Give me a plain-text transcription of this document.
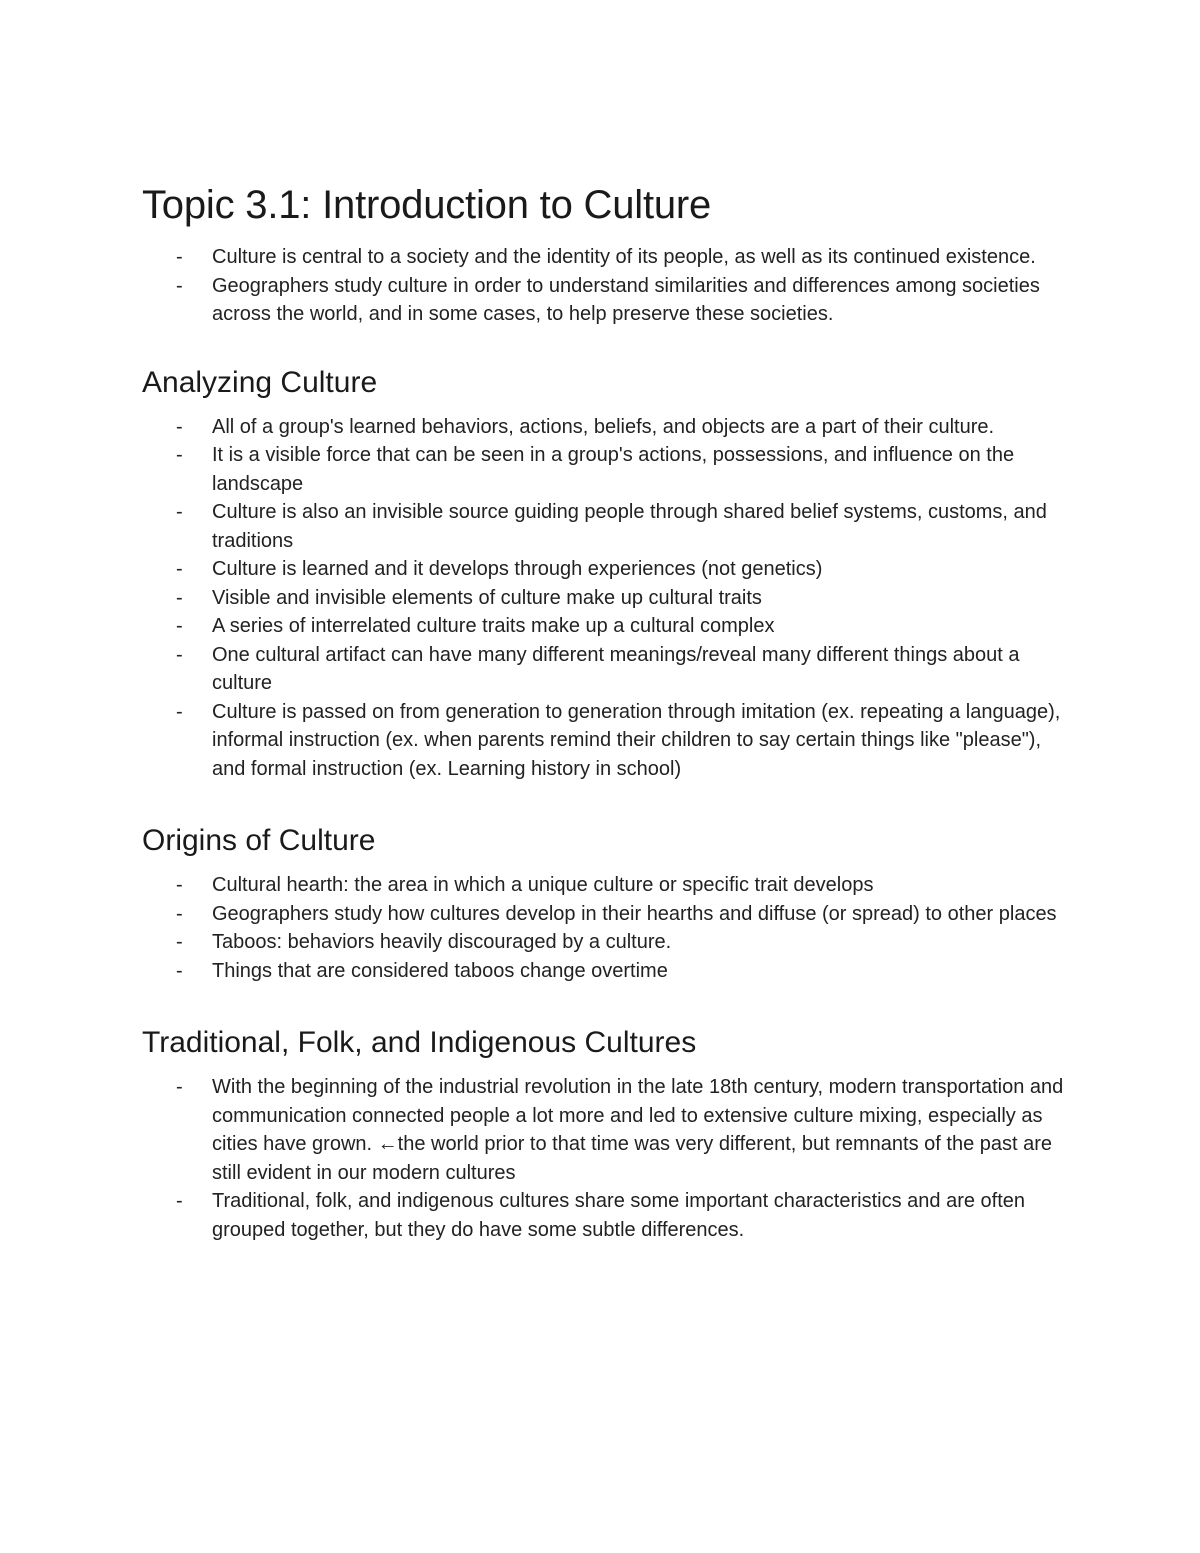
Topic 3.1: Introduction to Culture
- Culture is central to a society and the identity of its people, as well as its continued existence.
- Geographers study culture in order to understand similarities and differences among societies across the world, and in some cases, to help preserve these societies.
Analyzing Culture
- All of a group's learned behaviors, actions, beliefs, and objects are a part of their culture.
- It is a visible force that can be seen in a group's actions, possessions, and influence on the landscape
- Culture is also an invisible source guiding people through shared belief systems, customs, and traditions
- Culture is learned and it develops through experiences (not genetics)
- Visible and invisible elements of culture make up cultural traits
- A series of interrelated culture traits make up a cultural complex
- One cultural artifact can have many different meanings/reveal many different things about a culture
- Culture is passed on from generation to generation through imitation (ex. repeating a language), informal instruction (ex. when parents remind their children to say certain things like "please"), and formal instruction (ex. Learning history in school)
Origins of Culture
- Cultural hearth: the area in which a unique culture or specific trait develops
- Geographers study how cultures develop in their hearths and diffuse (or spread) to other places
- Taboos: behaviors heavily discouraged by a culture.
- Things that are considered taboos change overtime
Traditional, Folk, and Indigenous Cultures
- With the beginning of the industrial revolution in the late 18th century, modern transportation and communication connected people a lot more and led to extensive culture mixing, especially as cities have grown. ←the world prior to that time was very different, but remnants of the past are still evident in our modern cultures
- Traditional, folk, and indigenous cultures share some important characteristics and are often grouped together, but they do have some subtle differences.
